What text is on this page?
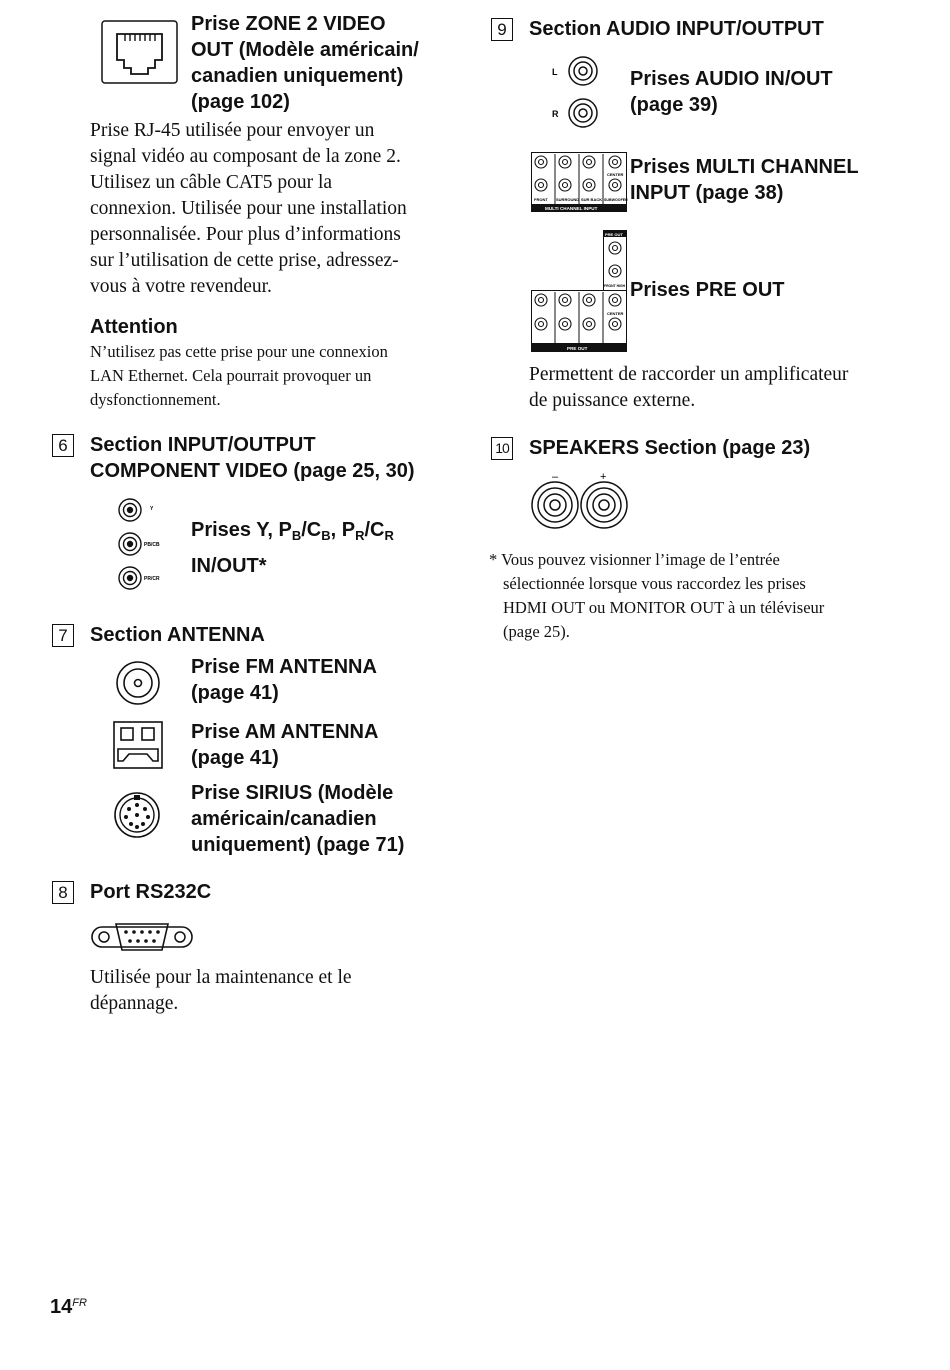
Prise ZONE 2 VIDEO
OUT (Modèle américain/
canadien uniquement)
(page 102)
Prise RJ-45 utilisée pour envoyer un
signal vidéo au composant de la zone 2.
Utilisez un câble CAT5 pour la
connexion. Utilisée pour une installation
personnalisée. Pour plus d’informations
sur l’utilisation de cette prise, adressez-
vous à votre revendeur.
Attention
N’utilisez pas cette prise pour une connexion
LAN Ethernet. Cela pourrait provoquer un
dysfonctionnement.
6	Section INPUT/OUTPUT
COMPONENT VIDEO (page 25, 30)
Y
PB/CB
PR/CR
Prises Y, $P_B/C_B$, $P_R/C_R$
IN/OUT*
7	Section ANTENNA
Prise FM ANTENNA
(page 41)
Prise AM ANTENNA
(page 41)
Prise SIRIUS (Modèle
américain/canadien
uniquement) (page 71)
8	Port RS232C
Utilisée pour la maintenance et le
dépannage.
9	Section AUDIO INPUT/OUTPUT
L
R
Prises AUDIO IN/OUT
(page 39)
FRONT SURROUND SUR BACK SUBWOOFER
CENTER
MULTI CHANNEL INPUT
Prises MULTI CHANNEL
INPUT (page 38)
PRE OUT
FRONT HIGH
CENTER
PRE OUT
Prises PRE OUT
Permettent de raccorder un amplificateur
de puissance externe.
10 SPEAKERS Section (page 23)
–	+
* Vous pouvez visionner l’image de l’entrée
sélectionnée lorsque vous raccordez les prises
HDMI OUT ou MONITOR OUT à un téléviseur
(page 25).
$14^{FR}$
